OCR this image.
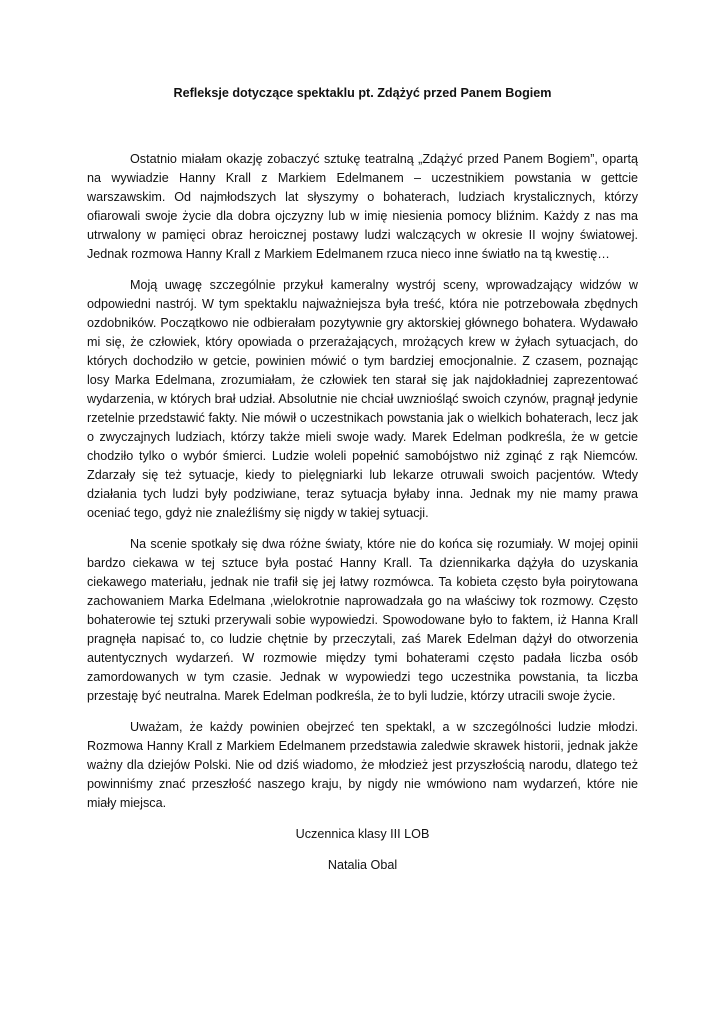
Refleksje dotyczące spektaklu pt. Zdążyć przed Panem Bogiem

Ostatnio miałam okazję zobaczyć sztukę teatralną „Zdążyć przed Panem Bogiem”, opartą na wywiadzie Hanny Krall z Markiem Edelmanem – uczestnikiem powstania w gettcie warszawskim. Od najmłodszych lat słyszymy o bohaterach, ludziach krystalicznych, którzy ofiarowali swoje życie dla dobra ojczyzny lub w imię niesienia pomocy bliźnim. Każdy z nas ma utrwalony w pamięci obraz heroicznej postawy ludzi walczących w okresie II wojny światowej. Jednak rozmowa Hanny Krall z Markiem Edelmanem rzuca nieco inne światło na tą kwestię…

Moją uwagę szczególnie przykuł kameralny wystrój sceny, wprowadzający widzów w odpowiedni nastrój. W tym spektaklu najważniejsza była treść, która nie potrzebowała zbędnych ozdobników. Początkowo nie odbierałam pozytywnie gry aktorskiej głównego bohatera. Wydawało mi się, że człowiek, który opowiada o przerażających, mrożących krew w żyłach sytuacjach, do których dochodziło w getcie, powinien mówić o tym bardziej emocjonalnie. Z czasem, poznając losy Marka Edelmana, zrozumiałam, że człowiek ten starał się jak najdokładniej zaprezentować wydarzenia, w których brał udział. Absolutnie nie chciał uwzniośląć swoich czynów, pragnął jedynie rzetelnie przedstawić fakty. Nie mówił o uczestnikach powstania jak o wielkich bohaterach, lecz jak o zwyczajnych ludziach, którzy także mieli swoje wady. Marek Edelman podkreśla, że w getcie chodziło tylko o wybór śmierci. Ludzie woleli popełnić samobójstwo niż zginąć z rąk Niemców. Zdarzały się też sytuacje, kiedy to pielęgniarki lub lekarze otruwali swoich pacjentów. Wtedy działania tych ludzi były podziwiane, teraz sytuacja byłaby inna. Jednak my nie mamy prawa oceniać tego, gdyż nie znaleźliśmy się nigdy w takiej sytuacji.

Na scenie spotkały się dwa różne światy, które nie do końca się rozumiały. W mojej opinii bardzo ciekawa w tej sztuce była postać Hanny Krall. Ta dziennikarka dążyła do uzyskania ciekawego materiału, jednak nie trafił się jej łatwy rozmówca. Ta kobieta często była poirytowana zachowaniem Marka Edelmana ,wielokrotnie naprowadzała go na właściwy tok rozmowy. Często bohaterowie tej sztuki przerywali sobie wypowiedzi. Spowodowane było to faktem, iż Hanna Krall pragnęła napisać to, co ludzie chętnie by przeczytali, zaś Marek Edelman dążył do otworzenia autentycznych wydarzeń. W rozmowie między tymi bohaterami często padała liczba osób zamordowanych w tym czasie. Jednak w wypowiedzi tego uczestnika powstania, ta liczba przestaję być neutralna. Marek Edelman podkreśla, że to byli ludzie, którzy utracili swoje życie.

Uważam, że każdy powinien obejrzeć ten spektakl, a w szczególności ludzie młodzi. Rozmowa Hanny Krall z Markiem Edelmanem przedstawia zaledwie skrawek historii, jednak jakże ważny dla dziejów Polski. Nie od dziś wiadomo, że młodzież jest przyszłością narodu, dlatego też powinniśmy znać przeszłość naszego kraju, by nigdy nie wmówiono nam wydarzeń, które nie miały miejsca.

Uczennica klasy III LOB
Natalia Obal
